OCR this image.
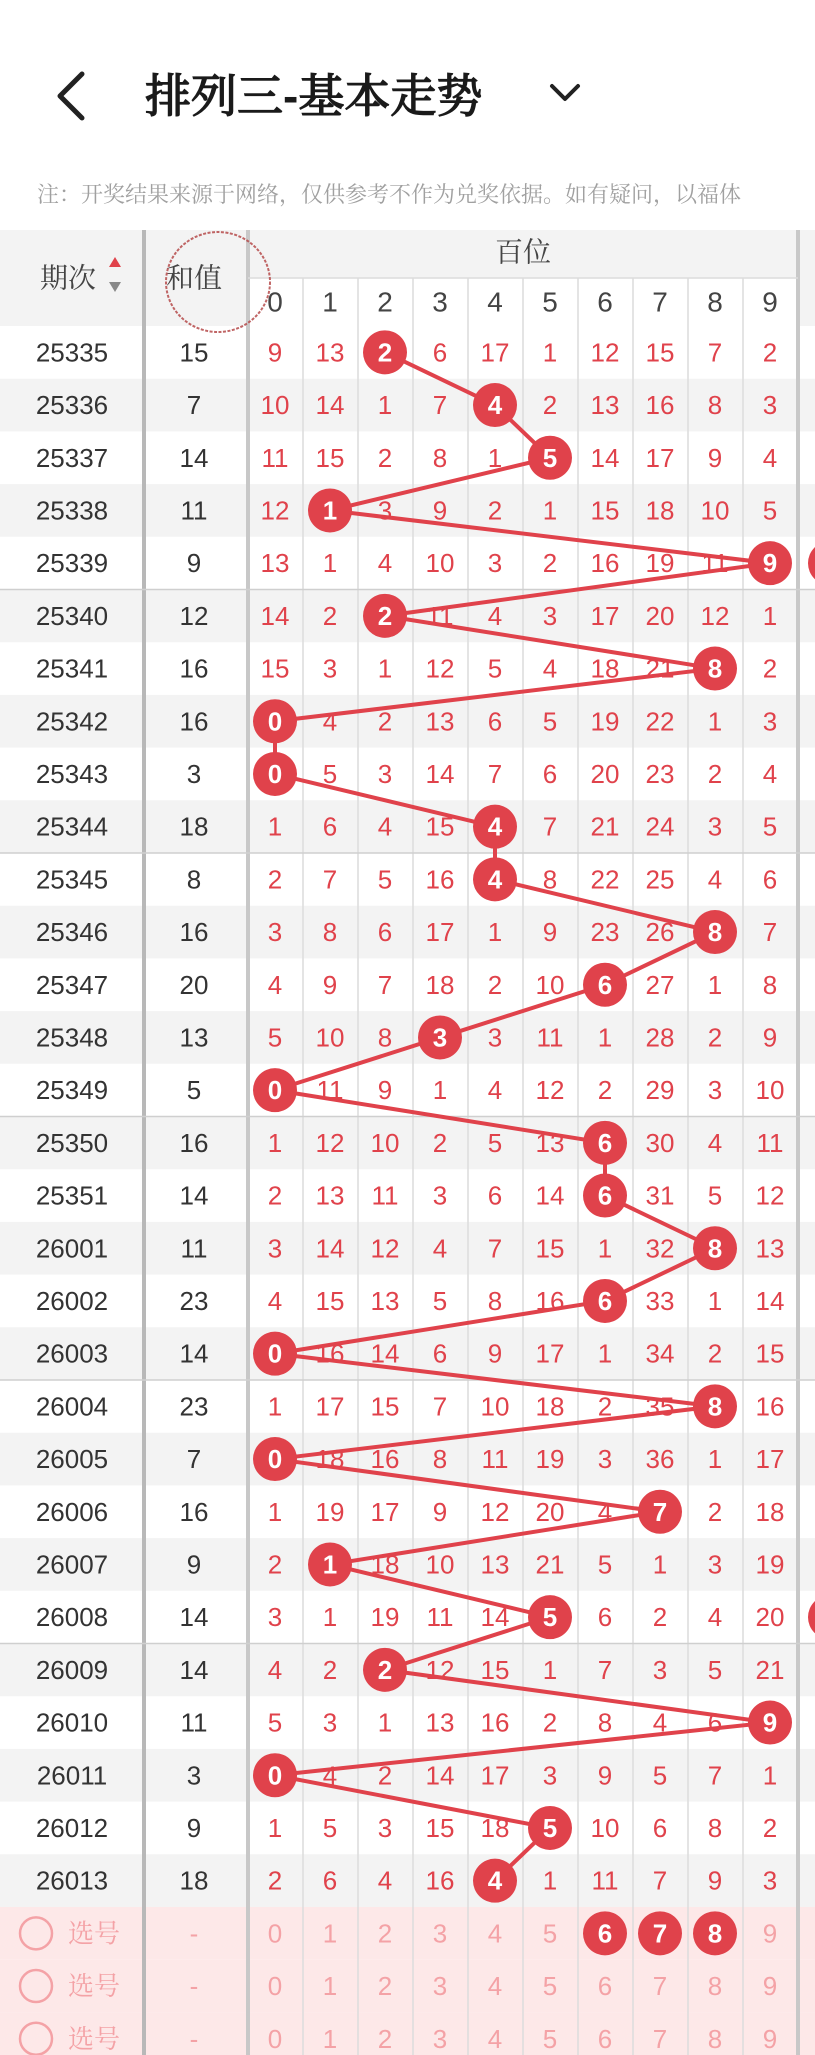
排列三-基本走势
注：开奖结果来源于网络，仅供参考不作为兑奖依据。如有疑问，以福体
期次 和值
百位
0 1 2 3 4 5 6 7 8 9
25335	15 9 13 2 6 17 1 12 15 7 2
25336	7 10 14 1 7 4 2 13 16 8 3
25337	14 11 15 2 8 1 5 14 17 9 4
25338	11 12 1 3 9 2 1 15 18 10 5
25339	9 13 1 4 10 3 2 16 19 11 9
25340	12 14 2 2 11 4 3 17 20 12 1
25341	16 15 3 1 12 5 4 18 21 8 2
25342	16 0 4 2 13 6 5 19 22 1 3
25343	3	0 5 3 14 7 6 20 23 2 4
25344	18 1 6 4 15 4 7 21 24 3 5
25345	8	2 7 5 16 4 8 22 25 4 6
25346	16 3 8 6 17 1 9 23 26 8 7
25347	20 4 9 7 18 2 10 6 27 1 8
25348	13 5 10 8 3 3 11 1 28 2 9
25349	5	0 11 9 1 4 12 2 29 3 10
25350	16 1 12 10 2 5 13 6 30 4 11
25351	14 2 13 11 3 6 14 6 31 5 12
26001	11 3 14 12 4 7 15 1 32 8 13
26002	23 4 15 13 5 8 16 6 33 1 14
26003	14 0 16 14 6 9 17 1 34 2 15
26004	23 1 17 15 7 10 18 2 35 8 16
26005	7	0 18 16 8 11 19 3 36 1 17
26006	16 1 19 17 9 12 20 4 7 2 18
26007	9	2 1 18 10 13 21 5 1 3 19
26008	14 3 1 19 11 14 5 6 2 4 20
26009	14 4 2 2 12 15 1 7 3 5 21
26010	11 5 3 1 13 16 2 8 4 6 9
26011	3	0 4 2 14 17 3 9 5 7 1
26012	9	1 5 3 15 18 5 10 6 8 2
26013	18 2 6 4 16 4 1 11 7 9 3
选号	-	0 1 2 3 4 5 6 7 8 9
选号	-	0 1 2 3 4 5 6 7 8 9
选号	-	0 1 2 3 4 5 6 7 8 9
